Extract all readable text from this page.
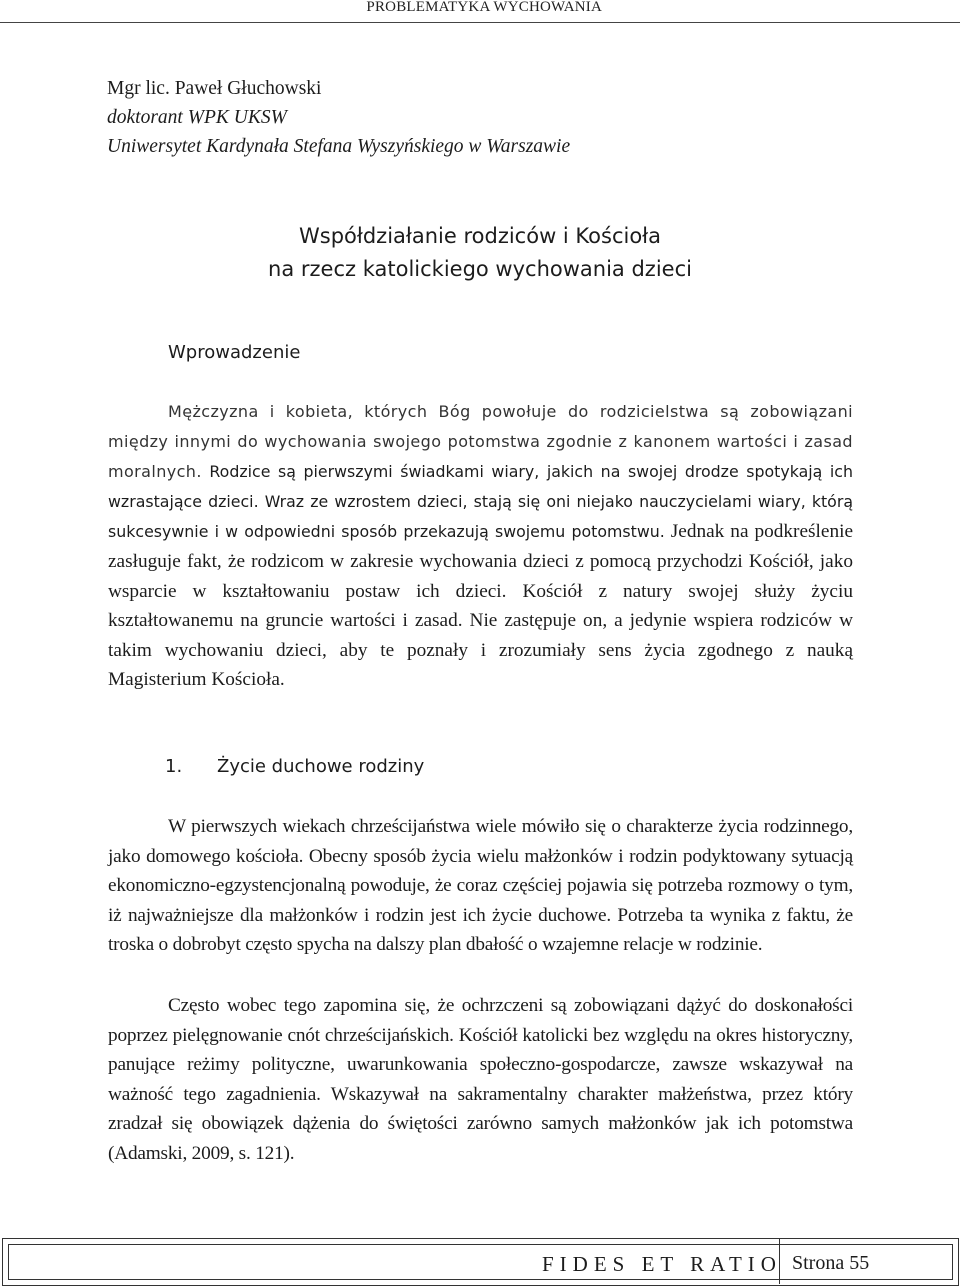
PROBLEMATYKA WYCHOWANIA
Mgr lic. Paweł Głuchowski
doktorant WPK UKSW
Uniwersytet Kardynała Stefana Wyszyńskiego w Warszawie
Współdziałanie rodziców i Kościoła
na rzecz katolickiego wychowania dzieci
Wprowadzenie

Mężczyzna i kobieta, których Bóg powołuje do rodzicielstwa są zobowiązani między innymi do wychowania swojego potomstwa zgodnie z kanonem wartości i zasad moralnych. Rodzice są pierwszymi świadkami wiary, jakich na swojej drodze spotykają ich wzrastające dzieci. Wraz ze wzrostem dzieci, stają się oni niejako nauczycielami wiary, którą sukcesywnie i w odpowiedni sposób przekazują swojemu potomstwu. Jednak na podkreślenie zasługuje fakt, że rodzicom w zakresie wychowania dzieci z pomocą przychodzi Kościół, jako wsparcie w kształtowaniu postaw ich dzieci. Kościół z natury swojej służy życiu kształtowanemu na gruncie wartości i zasad. Nie zastępuje on, a jedynie wspiera rodziców w takim wychowaniu dzieci, aby te poznały i zrozumiały sens życia zgodnego z nauką Magisterium Kościoła.

1. Życie duchowe rodziny

W pierwszych wiekach chrześcijaństwa wiele mówiło się o charakterze życia rodzinnego, jako domowego kościoła. Obecny sposób życia wielu małżonków i rodzin podyktowany sytuacją ekonomiczno-egzystencjonalną powoduje, że coraz częściej pojawia się potrzeba rozmowy o tym, iż najważniejsze dla małżonków i rodzin jest ich życie duchowe. Potrzeba ta wynika z faktu, że troska o dobrobyt często spycha na dalszy plan dbałość o wzajemne relacje w rodzinie.

Często wobec tego zapomina się, że ochrzczeni są zobowiązani dążyć do doskonałości poprzez pielęgnowanie cnót chrześcijańskich. Kościół katolicki bez względu na okres historyczny, panujące reżimy polityczne, uwarunkowania społeczno-gospodarcze, zawsze wskazywał na ważność tego zagadnienia. Wskazywał na sakramentalny charakter małżeństwa, przez który zradzał się obowiązek dążenia do świętości zarówno samych małżonków jak ich potomstwa (Adamski, 2009, s. 121).

FIDES ET RATIO Strona 55
